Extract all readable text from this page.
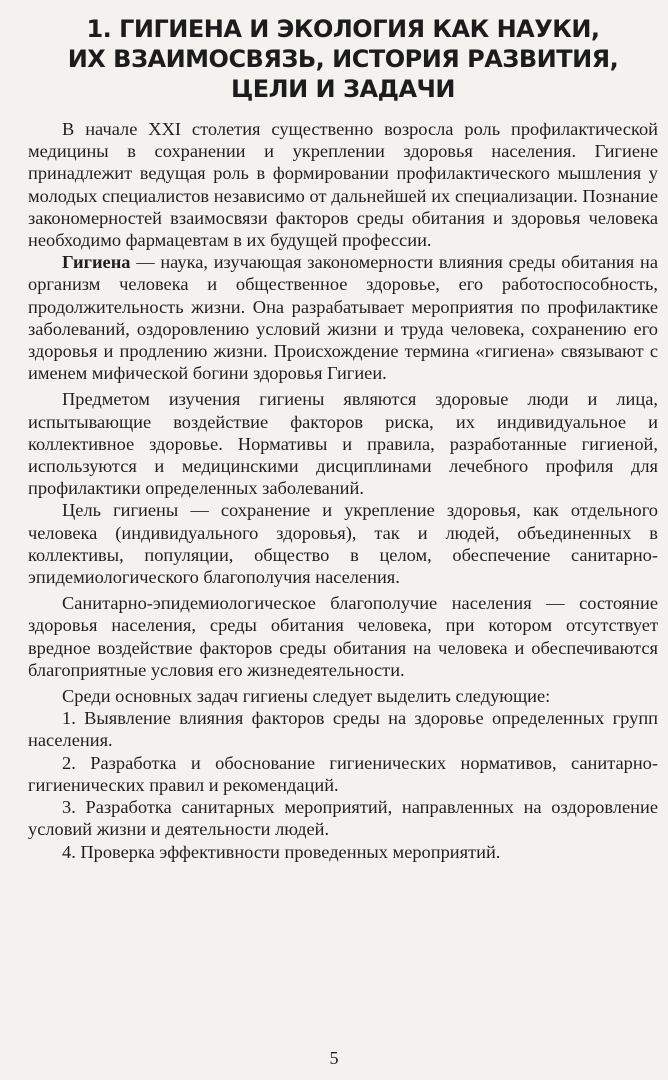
1. ГИГИЕНА И ЭКОЛОГИЯ КАК НАУКИ,
ИХ ВЗАИМОСВЯЗЬ, ИСТОРИЯ РАЗВИТИЯ,
ЦЕЛИ И ЗАДАЧИ

В начале XXI столетия существенно возросла роль профилактической медицины в сохранении и укреплении здоровья населения. Гигиене принадлежит ведущая роль в формировании профилактического мышления у молодых специалистов независимо от дальнейшей их специализации. Познание закономерностей взаимосвязи факторов среды обитания и здоровья человека необходимо фармацевтам в их будущей профессии.

Гигиена — наука, изучающая закономерности влияния среды обитания на организм человека и общественное здоровье, его работоспособность, продолжительность жизни. Она разрабатывает мероприятия по профилактике заболеваний, оздоровлению условий жизни и труда человека, сохранению его здоровья и продлению жизни. Происхождение термина «гигиена» связывают с именем мифической богини здоровья Гигиеи.

Предметом изучения гигиены являются здоровые люди и лица, испытывающие воздействие факторов риска, их индивидуальное и коллективное здоровье. Нормативы и правила, разработанные гигиеной, используются и медицинскими дисциплинами лечебного профиля для профилактики определенных заболеваний.

Цель гигиены — сохранение и укрепление здоровья, как отдельного человека (индивидуального здоровья), так и людей, объединенных в коллективы, популяции, общество в целом, обеспечение санитарно-эпидемиологического благополучия населения.

Санитарно-эпидемиологическое благополучие населения — состояние здоровья населения, среды обитания человека, при котором отсутствует вредное воздействие факторов среды обитания на человека и обеспечиваются благоприятные условия его жизнедеятельности.

Среди основных задач гигиены следует выделить следующие:

1. Выявление влияния факторов среды на здоровье определенных групп населения.

2. Разработка и обоснование гигиенических нормативов, санитарно-гигиенических правил и рекомендаций.

3. Разработка санитарных мероприятий, направленных на оздоровление условий жизни и деятельности людей.

4. Проверка эффективности проведенных мероприятий.

5
